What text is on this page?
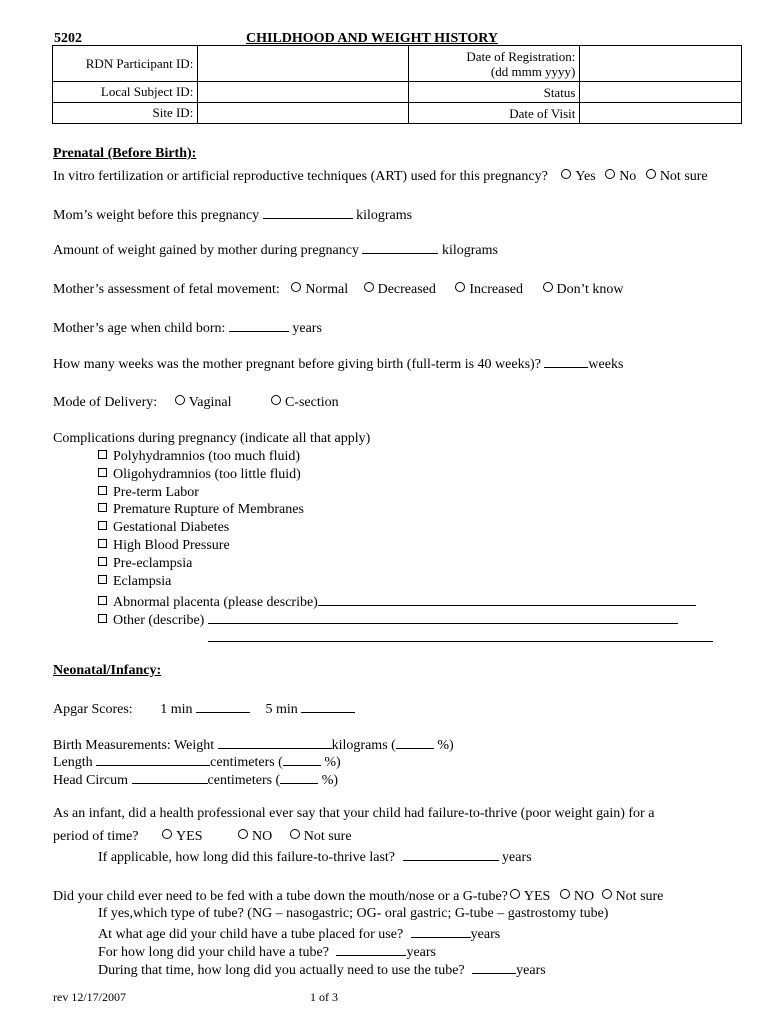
5202	CHILDHOOD AND WEIGHT HISTORY
RDN Participant ID:		Date of Registration:
(dd mmm yyyy)	
Local Subject ID:		Status	
Site ID:		Date of Visit	
Prenatal (Before Birth):
In vitro fertilization or artificial reproductive techniques (ART) used for this pregnancy? Yes No Not sure
Mom’s weight before this pregnancy	kilograms
Amount of weight gained by mother during pregnancy	kilograms
Mother’s assessment of fetal movement: Normal Decreased Increased Don’t know
Mother’s age when child born:	years
How many weeks was the mother pregnant before giving birth (full-term is 40 weeks)?	weeks
Mode of Delivery: Vaginal	C-section
Complications during pregnancy (indicate all that apply)
Polyhydramnios (too much fluid)
Oligohydramnios (too little fluid)
Pre-term Labor
Premature Rupture of Membranes
Gestational Diabetes
High Blood Pressure
Pre-eclampsia
Eclampsia
Abnormal placenta (please describe)
Other (describe)
Neonatal/Infancy:
Apgar Scores: 1 min	5 min
Birth Measurements: Weight	kilograms (	%)
Length	centimeters (	%)
Head Circum	centimeters (	%)
As an infant, did a health professional ever say that your child had failure-to-thrive (poor weight gain) for a
period of time?	YES	NO Not sure
If applicable, how long did this failure-to-thrive last?	years
Did your child ever need to be fed with a tube down the mouth/nose or a G-tube? YES NO Not sure
If yes,which type of tube? (NG – nasogastric; OG- oral gastric; G-tube – gastrostomy tube)
At what age did your child have a tube placed for use?	years
For how long did your child have a tube?	years
During that time, how long did you actually need to use the tube?	years
rev 12/17/2007	1 of 3
